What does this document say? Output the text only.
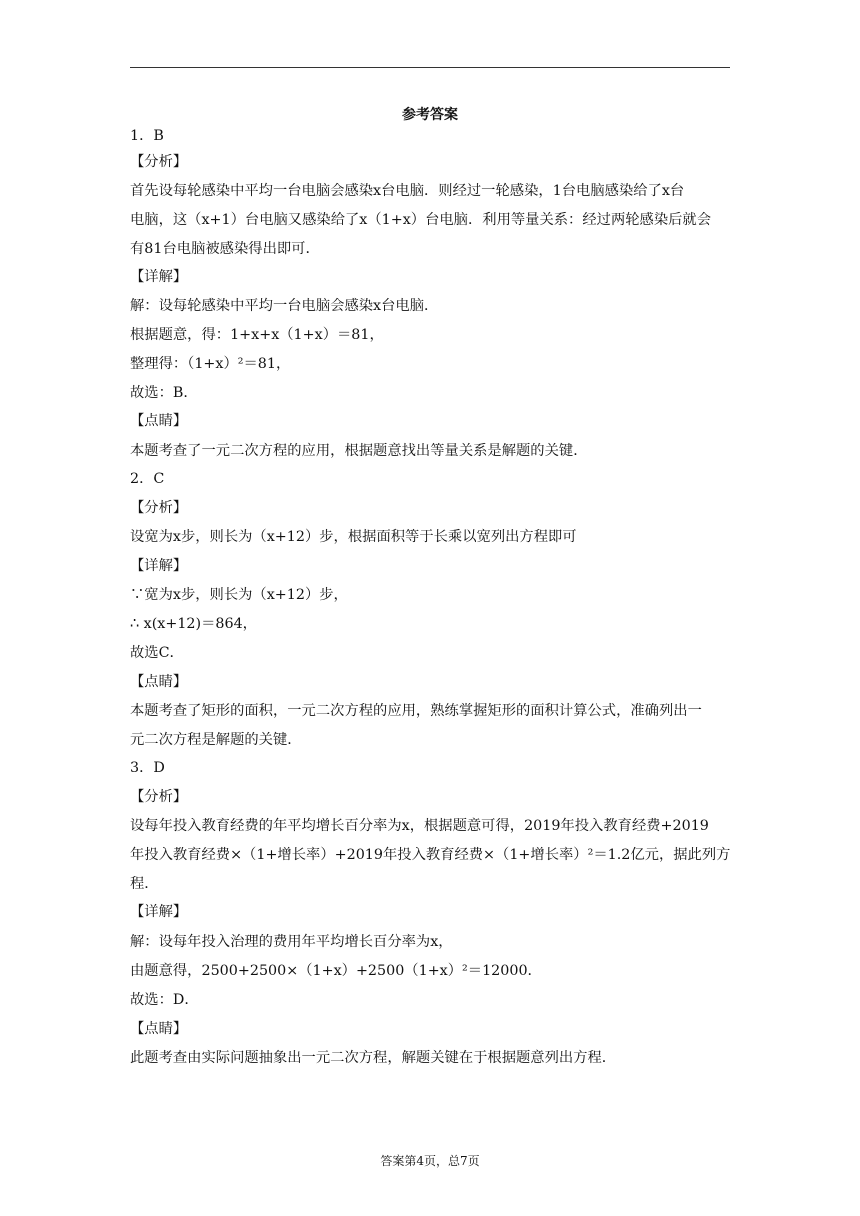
参考答案
1．B
【分析】
首先设每轮感染中平均一台电脑会感染x台电脑．则经过一轮感染，1台电脑感染给了x台
电脑，这（x+1）台电脑又感染给了x（1+x）台电脑．利用等量关系：经过两轮感染后就会
有81台电脑被感染得出即可．
【详解】
解：设每轮感染中平均一台电脑会感染x台电脑．
根据题意，得：1+x+x（1+x）＝81，
整理得：（1+x）²＝81，
故选：B．
【点睛】
本题考查了一元二次方程的应用，根据题意找出等量关系是解题的关键．
2．C
【分析】
设宽为x步，则长为（x+12）步，根据面积等于长乘以宽列出方程即可
【详解】
∵宽为x步，则长为（x+12）步，
∴ x(x+12)＝864，
故选C．
【点睛】
本题考查了矩形的面积，一元二次方程的应用，熟练掌握矩形的面积计算公式，准确列出一
元二次方程是解题的关键．
3．D
【分析】
设每年投入教育经费的年平均增长百分率为x，根据题意可得，2019年投入教育经费+2019
年投入教育经费×（1+增长率）+2019年投入教育经费×（1+增长率）²＝1.2亿元，据此列方
程．
【详解】
解：设每年投入治理的费用年平均增长百分率为x，
由题意得，2500+2500×（1+x）+2500（1+x）²＝12000．
故选：D．
【点睛】
此题考查由实际问题抽象出一元二次方程，解题关键在于根据题意列出方程．
答案第4页，总7页
